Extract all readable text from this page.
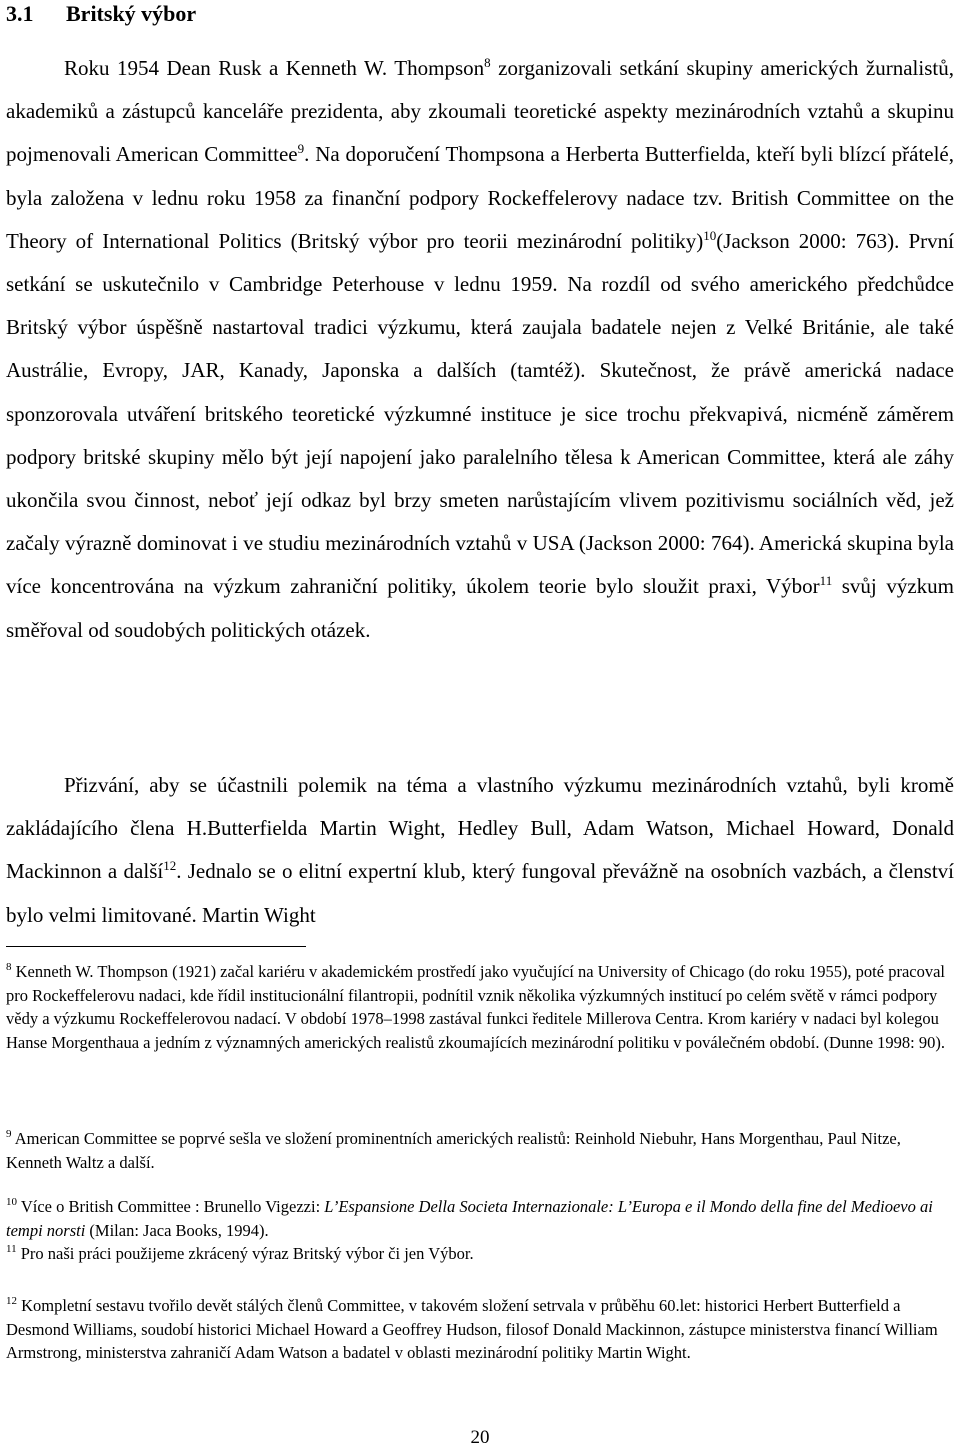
3.1 Britský výbor

Roku 1954 Dean Rusk a Kenneth W. Thompson$^8$ zorganizovali setkání skupiny amerických žurnalistů, akademiků a zástupců kanceláře prezidenta, aby zkoumali teoretické aspekty mezinárodních vztahů a skupinu pojmenovali American Committee$^9$. Na doporučení Thompsona a Herberta Butterfielda, kteří byli blízcí přátelé, byla založena v lednu roku 1958 za finanční podpory Rockeffelerovy nadace tzv. British Committee on the Theory of International Politics (Britský výbor pro teorii mezinárodní politiky)$^{10}$(Jackson 2000: 763). První setkání se uskutečnilo v Cambridge Peterhouse v lednu 1959. Na rozdíl od svého amerického předchůdce Britský výbor úspěšně nastartoval tradici výzkumu, která zaujala badatele nejen z Velké Británie, ale také Austrálie, Evropy, JAR, Kanady, Japonska a dalších (tamtéž). Skutečnost, že právě americká nadace sponzorovala utváření britského teoretické výzkumné instituce je sice trochu překvapivá, nicméně záměrem podpory britské skupiny mělo být její napojení jako paralelního tělesa k American Committee, která ale záhy ukončila svou činnost, neboť její odkaz byl brzy smeten narůstajícím vlivem pozitivismu sociálních věd, jež začaly výrazně dominovat i ve studiu mezinárodních vztahů v USA (Jackson 2000: 764). Americká skupina byla více koncentrována na výzkum zahraniční politiky, úkolem teorie bylo sloužit praxi, Výbor$^{11}$ svůj výzkum směřoval od soudobých politických otázek.

Přizvání, aby se účastnili polemik na téma a vlastního výzkumu mezinárodních vztahů, byli kromě zakládajícího člena H.Butterfielda Martin Wight, Hedley Bull, Adam Watson, Michael Howard, Donald Mackinnon a další$^{12}$. Jednalo se o elitní expertní klub, který fungoval převážně na osobních vazbách, a členství bylo velmi limitované. Martin Wight

$^8$ Kenneth W. Thompson (1921) začal kariéru v akademickém prostředí jako vyučující na University of Chicago (do roku 1955), poté pracoval pro Rockeffelerovu nadaci, kde řídil institucionální filantropii, podnítil vznik několika výzkumných institucí po celém světě v rámci podpory vědy a výzkumu Rockeffelerovou nadací. V období 1978–1998 zastával funkci ředitele Millerova Centra. Krom kariéry v nadaci byl kolegou Hanse Morgenthaua a jedním z významných amerických realistů zkoumajících mezinárodní politiku v poválečném období. (Dunne 1998: 90).

$^9$ American Committee se poprvé sešla ve složení prominentních amerických realistů: Reinhold Niebuhr, Hans Morgenthau, Paul Nitze, Kenneth Waltz a další.

$^{10}$ Více o British Committee : Brunello Vigezzi: L’Espansione Della Societa Internazionale: L’Europa e il Mondo della fine del Medioevo ai tempi norsti (Milan: Jaca Books, 1994).

$^{11}$ Pro naši práci použijeme zkrácený výraz Britský výbor či jen Výbor.

$^{12}$ Kompletní sestavu tvořilo devět stálých členů Committee, v takovém složení setrvala v průběhu 60.let: historici Herbert Butterfield a Desmond Williams, soudobí historici Michael Howard a Geoffrey Hudson, filosof Donald Mackinnon, zástupce ministerstva financí William Armstrong, ministerstva zahraničí Adam Watson a badatel v oblasti mezinárodní politiky Martin Wight.

20
